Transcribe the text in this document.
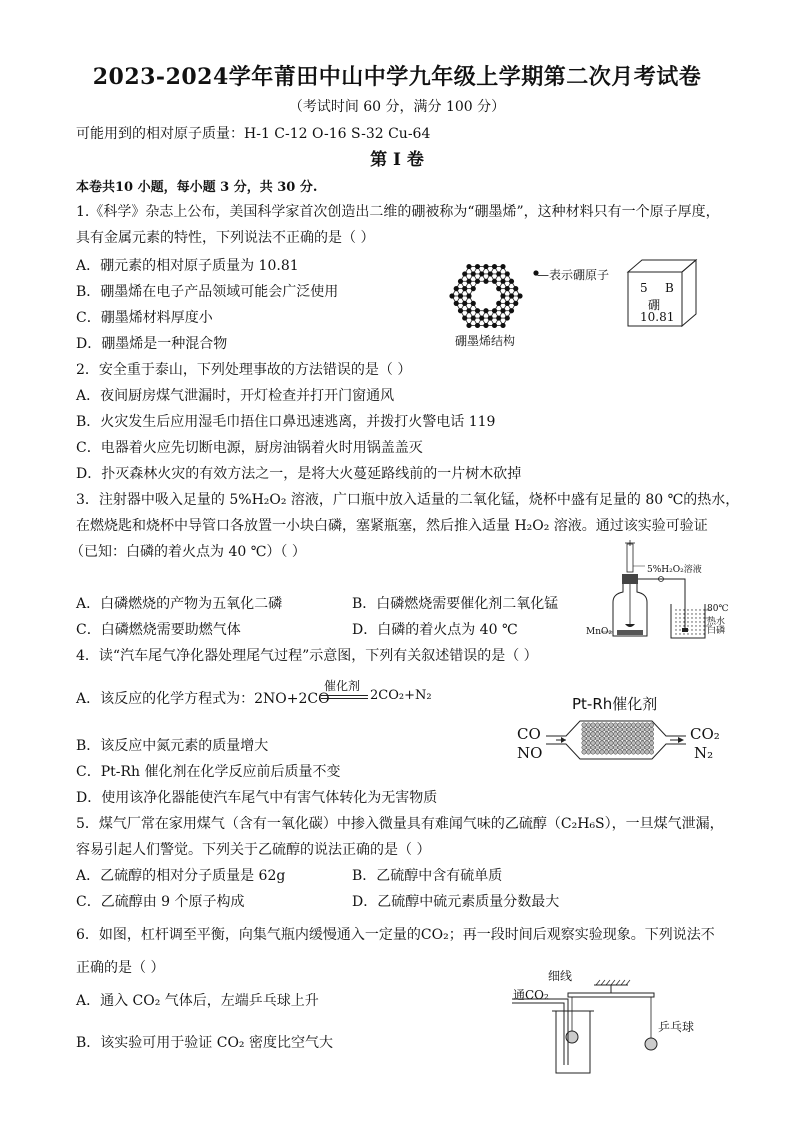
2023-2024学年莆田中山中学九年级上学期第二次月考试卷
（考试时间 60 分，满分 100 分）
可能用到的相对原子质量：H-1 C-12 O-16 S-32 Cu-64
第 I 卷
本卷共10 小题，每小题 3 分，共 30 分.
1.《科学》杂志上公布，美国科学家首次创造出二维的硼被称为“硼墨烯”，这种材料只有一个原子厚度，
具有金属元素的特性，下列说法不正确的是（ ）
A．硼元素的相对原子质量为 10.81
B．硼墨烯在电子产品领域可能会广泛使用
C．硼墨烯材料厚度小
D．硼墨烯是一种混合物
—表示硼原子
硼墨烯结构
5 B
硼
10.81
2．安全重于泰山，下列处理事故的方法错误的是（ ）
A．夜间厨房煤气泄漏时，开灯检查并打开门窗通风
B．火灾发生后应用湿毛巾捂住口鼻迅速逃离，并拨打火警电话 119
C．电器着火应先切断电源，厨房油锅着火时用锅盖盖灭
D．扑灭森林火灾的有效方法之一，是将大火蔓延路线前的一片树木砍掉
3．注射器中吸入足量的 5%H₂O₂ 溶液，广口瓶中放入适量的二氧化锰，烧杯中盛有足量的 80 ℃的热水，
在燃烧匙和烧杯中导管口各放置一小块白磷，塞紧瓶塞，然后推入适量 H₂O₂ 溶液。通过该实验可验证
（已知：白磷的着火点为 40 ℃）（ ）
A．白磷燃烧的产物为五氧化二磷	B．白磷燃烧需要催化剂二氧化锰
C．白磷燃烧需要助燃气体	D．白磷的着火点为 40 ℃
5%H₂O₂溶液
80℃
热水
白磷
MnO₂
4．读“汽车尾气净化器处理尾气过程”示意图，下列有关叙述错误的是（ ）
A．该反应的化学方程式为：2NO+2CO
催化剂
2CO₂+N₂
B．该反应中氮元素的质量增大
C．Pt-Rh 催化剂在化学反应前后质量不变
D．使用该净化器能使汽车尾气中有害气体转化为无害物质
Pt-Rh催化剂
CO
NO
CO₂
N₂
5．煤气厂常在家用煤气（含有一氧化碳）中掺入微量具有难闻气味的乙硫醇（C₂H₆S），一旦煤气泄漏，
容易引起人们警觉。下列关于乙硫醇的说法正确的是（ ）
A．乙硫醇的相对分子质量是 62g	B．乙硫醇中含有硫单质
C．乙硫醇由 9 个原子构成	D．乙硫醇中硫元素质量分数最大
6．如图，杠杆调至平衡，向集气瓶内缓慢通入一定量的CO₂；再一段时间后观察实验现象。下列说法不
正确的是（ ）
A．通入 CO₂ 气体后，左端乒乓球上升
B．该实验可用于验证 CO₂ 密度比空气大
细线
通CO₂
乒乓球
